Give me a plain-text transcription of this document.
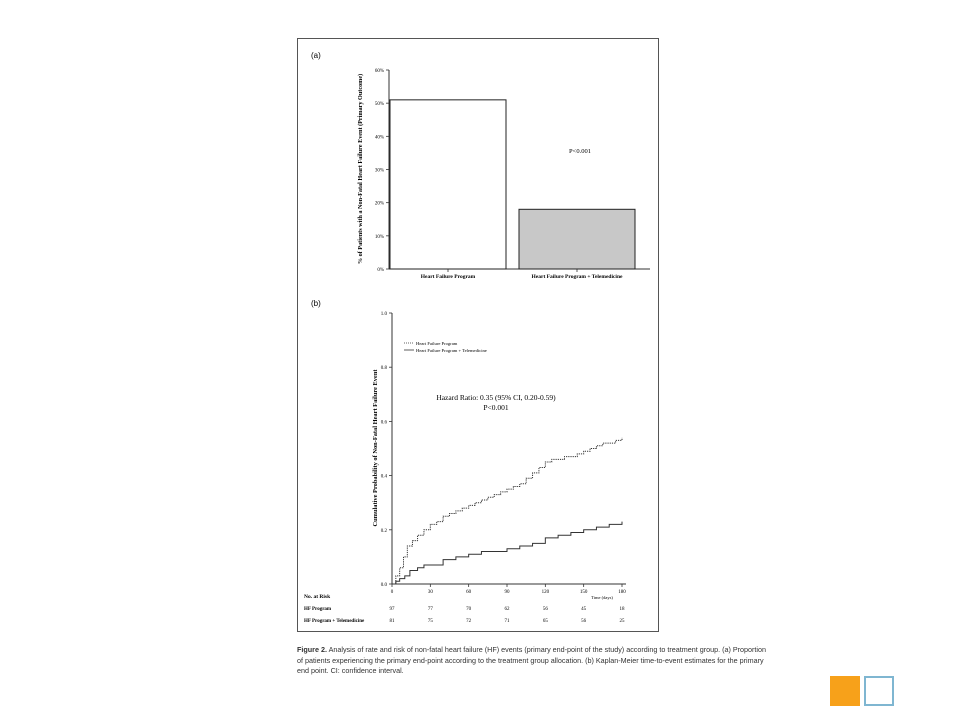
(a)
0%
10%
20%
30%
40%
50%
60%
Heart Failure Program	Heart Failure Program + Telemedicine
P<0.001
% of Patients with a Non-Fatal Heart Failure Event (Primary Outcome)
(b)
0.0
0.2
0.4
0.6
0.8
1.0
0	30	60	90	120	150	180
Time (days)
Heart Failure Program
Heart Failure Program + Telemedicine
Hazard Ratio: 0.35 (95% CI, 0.20-0.59)
P<0.001
Cumulative Probability of Non-Fatal Heart Failure Event
No. at Risk
HF Program	97	77	70	62	56	45	18
HF Program + Telemedicine	81	75	72	71	65	56	25
Figure 2. Analysis of rate and risk of non-fatal heart failure (HF) events (primary end-point of the study) according to treatment group. (a) Proportion of patients experiencing the primary end-point according to the treatment group allocation. (b) Kaplan-Meier time-to-event estimates for the primary end point. CI: confidence interval.
